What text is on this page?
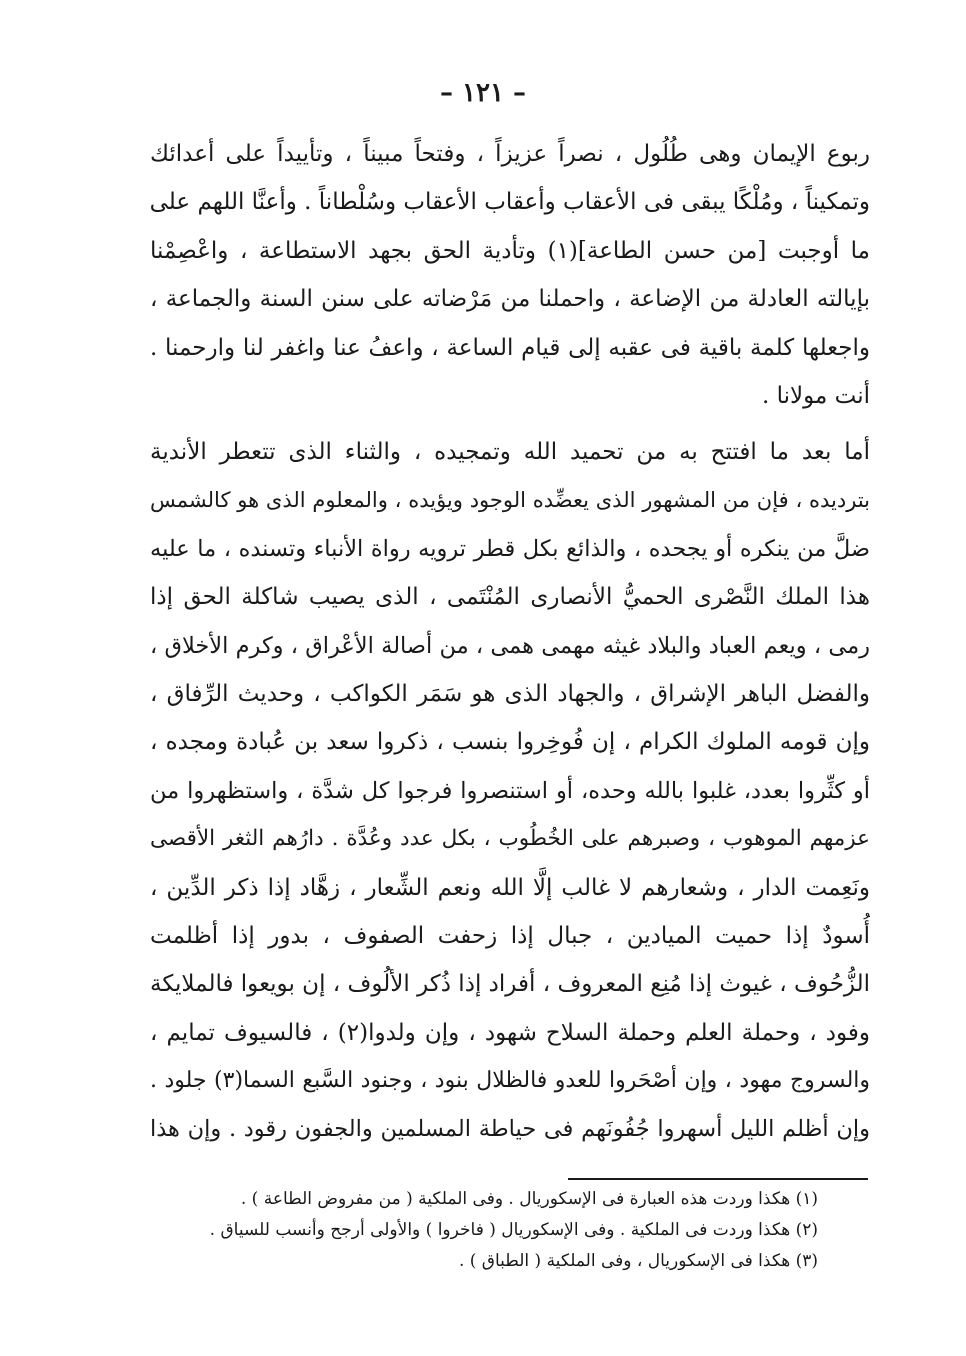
– ١٢١ –
ربوع الإيمان وهى طُلُول ، نصراً عزيزاً ، وفتحاً مبيناً ، وتأييداً على أعدائك
وتمكيناً ، ومُلْكًا يبقى فى الأعقاب وأعقاب الأعقاب وسُلْطاناً . وأعنَّا اللهم على
ما أوجبت [من حسن الطاعة](١) وتأدية الحق بجهد الاستطاعة ، واعْصِمْنا
بإيالته العادلة من الإضاعة ، واحملنا من مَرْضاته على سنن السنة والجماعة ،
واجعلها كلمة باقية فى عقبه إلى قيام الساعة ، واعفُ عنا واغفر لنا وارحمنا .
أنت مولانا .
أما بعد ما افتتح به من تحميد الله وتمجيده ، والثناء الذى تتعطر الأندية
بترديده ، فإن من المشهور الذى يعضِّده الوجود ويؤيده ، والمعلوم الذى هو كالشمس
ضلَّ من ينكره أو يجحده ، والذائع بكل قطر ترويه رواة الأنباء وتسنده ، ما عليه
هذا الملك النَّصْرى الحميُّ الأنصارى المُنْتَمى ، الذى يصيب شاكلة الحق إذا
رمى ، ويعم العباد والبلاد غيثه مهمى همى ، من أصالة الأعْراق ، وكرم الأخلاق ،
والفضل الباهر الإشراق ، والجهاد الذى هو سَمَر الكواكب ، وحديث الرِّفاق ،
وإن قومه الملوك الكرام ، إن فُوخِروا بنسب ، ذكروا سعد بن عُبادة ومجده ،
أو كثِّروا بعدد، غلبوا بالله وحده، أو استنصروا فرجوا كل شدَّة ، واستظهروا من
عزمهم الموهوب ، وصبرهم على الخُطُوب ، بكل عدد وعُدَّة . دارُهم الثغر الأقصى
ونَعِمت الدار ، وشعارهم لا غالب إلَّا الله ونعم الشِّعار ، زهَّاد إذا ذكر الدِّين ،
أُسودٌ إذا حميت الميادين ، جبال إذا زحفت الصفوف ، بدور إذا أظلمت
الزُّحُوف ، غيوث إذا مُنِع المعروف ، أفراد إذا ذُكر الألُوف ، إن بويعوا فالملايكة
وفود ، وحملة العلم وحملة السلاح شهود ، وإن ولدوا(٢) ، فالسيوف تمايم ،
والسروج مهود ، وإن أصْحَروا للعدو فالظلال بنود ، وجنود السَّبع السما(٣) جلود .
وإن أظلم الليل أسهروا جُفُونَهم فى حياطة المسلمين والجفون رقود . وإن هذا
(١) هكذا وردت هذه العبارة فى الإسكوريال . وفى الملكية ( من مفروض الطاعة ) .
(٢) هكذا وردت فى الملكية . وفى الإسكوريال ( فاخروا ) والأولى أرجح وأنسب للسياق .
(٣) هكذا فى الإسكوريال ، وفى الملكية ( الطباق ) .
